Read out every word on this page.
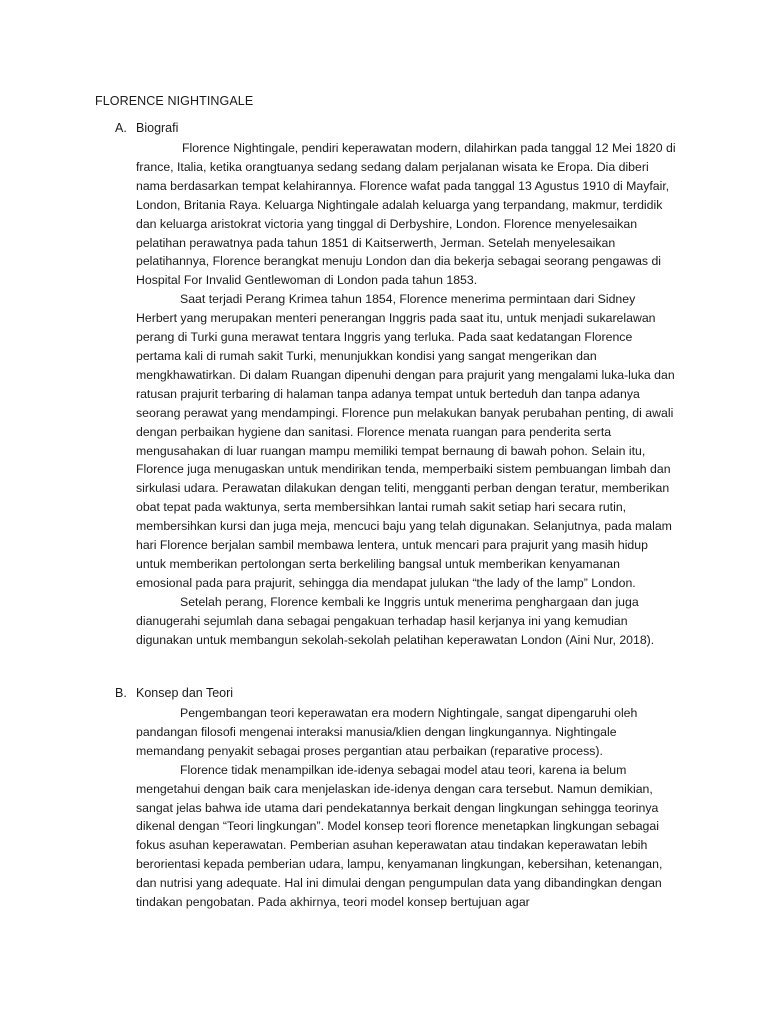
FLORENCE NIGHTINGALE
A. Biografi

Florence Nightingale, pendiri keperawatan modern, dilahirkan pada tanggal 12 Mei 1820 di france, Italia, ketika orangtuanya sedang sedang dalam perjalanan wisata ke Eropa. Dia diberi nama berdasarkan tempat kelahirannya. Florence wafat pada tanggal 13 Agustus 1910 di Mayfair, London, Britania Raya. Keluarga Nightingale adalah keluarga yang terpandang, makmur, terdidik dan keluarga aristokrat victoria yang tinggal di Derbyshire, London. Florence menyelesaikan pelatihan perawatnya pada tahun 1851 di Kaitserwerth, Jerman. Setelah menyelesaikan pelatihannya, Florence berangkat menuju London dan dia bekerja sebagai seorang pengawas di Hospital For Invalid Gentlewoman di London pada tahun 1853.

Saat terjadi Perang Krimea tahun 1854, Florence menerima permintaan dari Sidney Herbert yang merupakan menteri penerangan Inggris pada saat itu, untuk menjadi sukarelawan perang di Turki guna merawat tentara Inggris yang terluka. Pada saat kedatangan Florence pertama kali di rumah sakit Turki, menunjukkan kondisi yang sangat mengerikan dan mengkhawatirkan. Di dalam Ruangan dipenuhi dengan para prajurit yang mengalami luka-luka dan ratusan prajurit terbaring di halaman tanpa adanya tempat untuk berteduh dan tanpa adanya seorang perawat yang mendampingi. Florence pun melakukan banyak perubahan penting, di awali dengan perbaikan hygiene dan sanitasi. Florence menata ruangan para penderita serta mengusahakan di luar ruangan mampu memiliki tempat bernaung di bawah pohon. Selain itu, Florence juga menugaskan untuk mendirikan tenda, memperbaiki sistem pembuangan limbah dan sirkulasi udara. Perawatan dilakukan dengan teliti, mengganti perban dengan teratur, memberikan obat tepat pada waktunya, serta membersihkan lantai rumah sakit setiap hari secara rutin, membersihkan kursi dan juga meja, mencuci baju yang telah digunakan. Selanjutnya, pada malam hari Florence berjalan sambil membawa lentera, untuk mencari para prajurit yang masih hidup untuk memberikan pertolongan serta berkeliling bangsal untuk memberikan kenyamanan emosional pada para prajurit, sehingga dia mendapat julukan “the lady of the lamp” London.

Setelah perang, Florence kembali ke Inggris untuk menerima penghargaan dan juga dianugerahi sejumlah dana sebagai pengakuan terhadap hasil kerjanya ini yang kemudian digunakan untuk membangun sekolah-sekolah pelatihan keperawatan London (Aini Nur, 2018).

B. Konsep dan Teori

Pengembangan teori keperawatan era modern Nightingale, sangat dipengaruhi oleh pandangan filosofi mengenai interaksi manusia/klien dengan lingkungannya. Nightingale memandang penyakit sebagai proses pergantian atau perbaikan (reparative process).

Florence tidak menampilkan ide-idenya sebagai model atau teori, karena ia belum mengetahui dengan baik cara menjelaskan ide-idenya dengan cara tersebut. Namun demikian, sangat jelas bahwa ide utama dari pendekatannya berkait dengan lingkungan sehingga teorinya dikenal dengan “Teori lingkungan”. Model konsep teori florence menetapkan lingkungan sebagai fokus asuhan keperawatan. Pemberian asuhan keperawatan atau tindakan keperawatan lebih berorientasi kepada pemberian udara, lampu, kenyamanan lingkungan, kebersihan, ketenangan, dan nutrisi yang adequate. Hal ini dimulai dengan pengumpulan data yang dibandingkan dengan tindakan pengobatan. Pada akhirnya, teori model konsep bertujuan agar
